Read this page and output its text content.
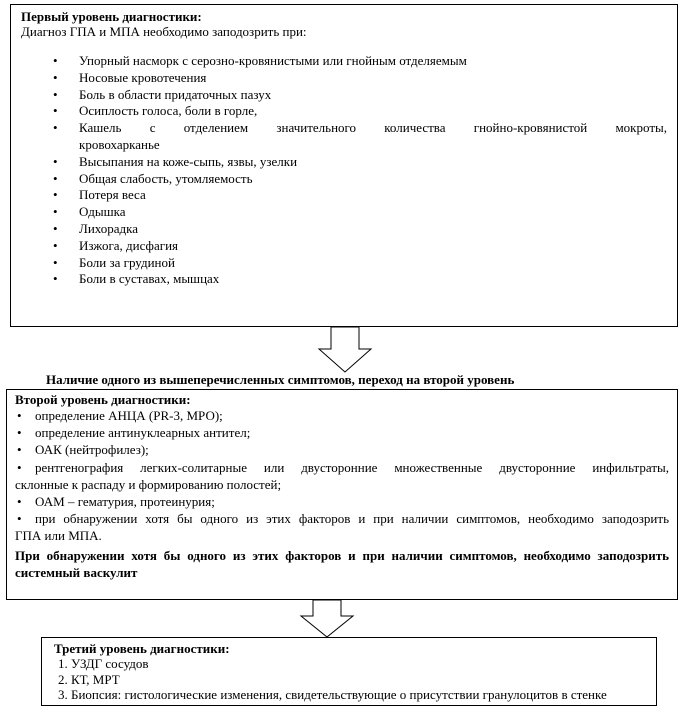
Первый уровень диагностики:
Диагноз ГПА и МПА необходимо заподозрить при:
• Упорный насморк с серозно-кровянистыми или гнойным отделяемым
• Носовые кровотечения
• Боль в области придаточных пазух
• Осиплость голоса, боли в горле,
• Кашель с отделением значительного количества гнойно-кровянистой мокроты,
кровохарканье
• Высыпания на коже-сыпь, язвы, узелки
• Общая слабость, утомляемость
• Потеря веса
• Одышка
• Лихорадка
• Изжога, дисфагия
• Боли за грудиной
• Боли в суставах, мышцах
Наличие одного из вышеперечисленных симптомов, переход на второй уровень
Второй уровень диагностики:
• определение АНЦА (PR-3, МРО);
• определение антинуклеарных антител;
• ОАК (нейтрофилез);
• рентгенография легких-солитарные или двусторонние множественные двусторонние инфильтраты,
склонные к распаду и формированию полостей;
• ОАМ – гематурия, протеинурия;
• при обнаружении хотя бы одного из этих факторов и при наличии симптомов, необходимо заподозрить
ГПА или МПА.
При обнаружении хотя бы одного из этих факторов и при наличии симптомов, необходимо заподозрить
системный васкулит
Третий уровень диагностики:
1. УЗДГ сосудов
2. КТ, МРТ
3. Биопсия: гистологические изменения, свидетельствующие о присутствии гранулоцитов в стенке
